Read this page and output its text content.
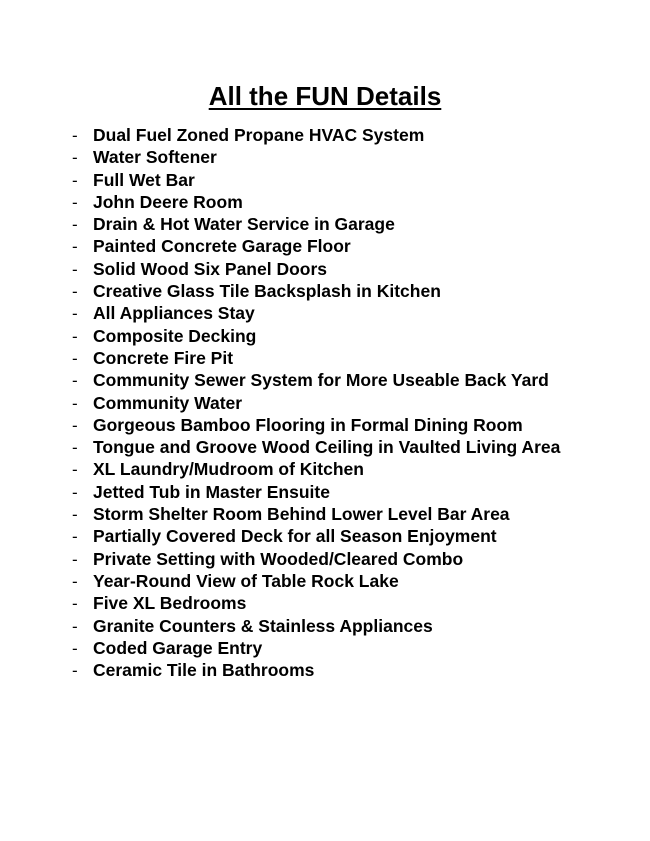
All the FUN Details
- Dual Fuel Zoned Propane HVAC System
- Water Softener
- Full Wet Bar
- John Deere Room
- Drain & Hot Water Service in Garage
- Painted Concrete Garage Floor
- Solid Wood Six Panel Doors
- Creative Glass Tile Backsplash in Kitchen
- All Appliances Stay
- Composite Decking
- Concrete Fire Pit
- Community Sewer System for More Useable Back Yard
- Community Water
- Gorgeous Bamboo Flooring in Formal Dining Room
- Tongue and Groove Wood Ceiling in Vaulted Living Area
- XL Laundry/Mudroom of Kitchen
- Jetted Tub in Master Ensuite
- Storm Shelter Room Behind Lower Level Bar Area
- Partially Covered Deck for all Season Enjoyment
- Private Setting with Wooded/Cleared Combo
- Year-Round View of Table Rock Lake
- Five XL Bedrooms
- Granite Counters & Stainless Appliances
- Coded Garage Entry
- Ceramic Tile in Bathrooms
